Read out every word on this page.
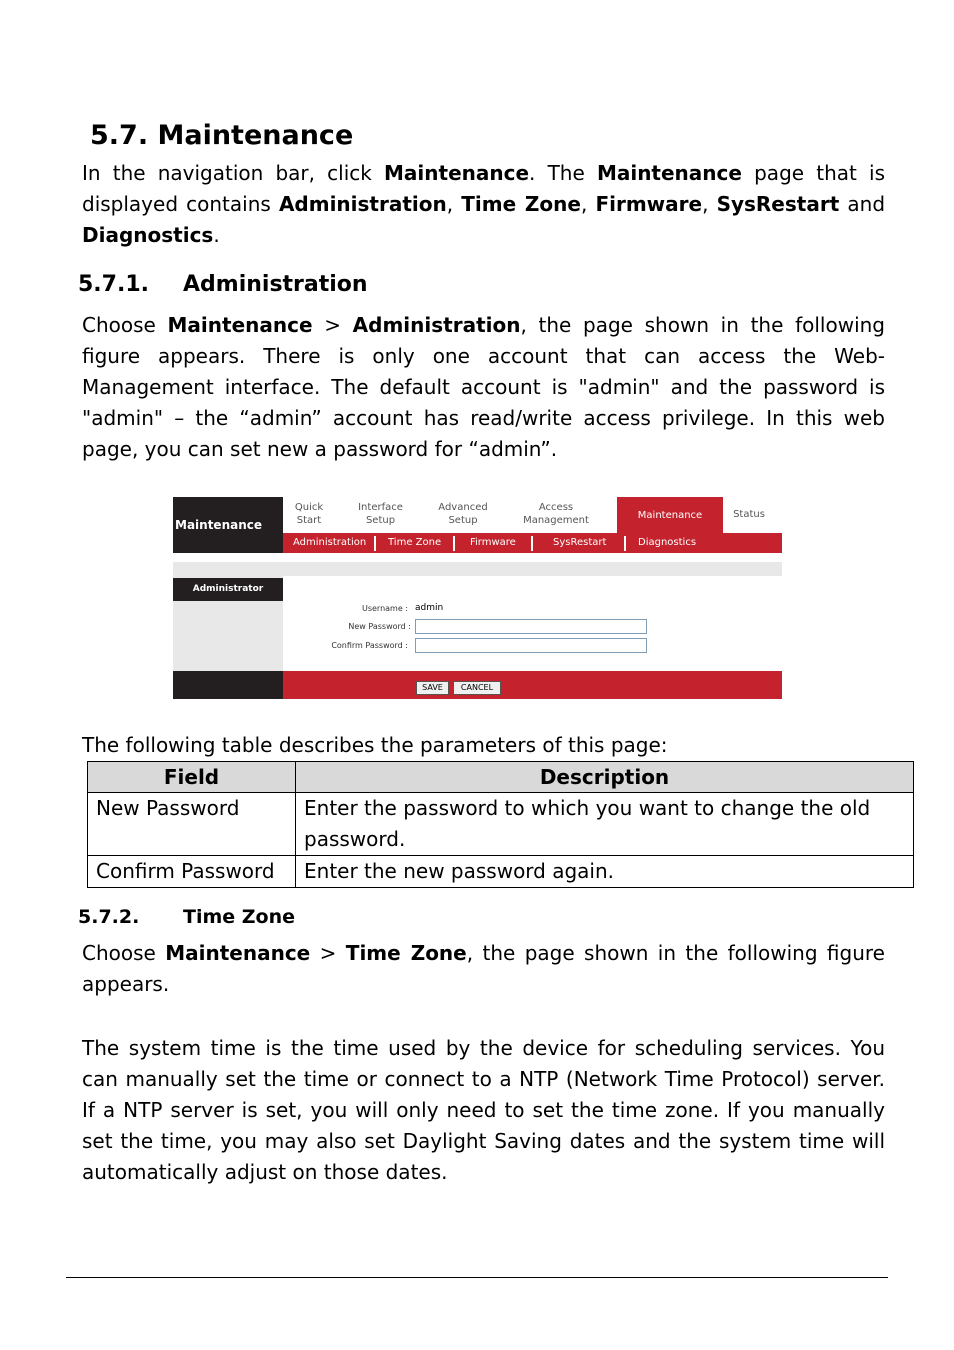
5.7. Maintenance

In the navigation bar, click Maintenance. The Maintenance page that is displayed contains Administration, Time Zone, Firmware, SysRestart and Diagnostics.

5.7.1. Administration

Choose Maintenance > Administration, the page shown in the following figure appears. There is only one account that can access the Web-Management interface. The default account is "admin" and the password is "admin" – the “admin” account has read/write access privilege. In this web page, you can set new a password for “admin”.

Maintenance
Quick
Start
Interface
Setup
Advanced
Setup
Access
Management	Maintenance	Status
Administration Time Zone	Firmware	SysRestart	Diagnostics
Administrator
Username : admin
New Password :
Confirm Password :
SAVE	CANCEL
The following table describes the parameters of this page:
Field	Description
New Password	Enter the password to which you want to change the old password.
Confirm Password	Enter the new password again.
5.7.2. Time Zone

Choose Maintenance > Time Zone, the page shown in the following figure appears.

The system time is the time used by the device for scheduling services. You can manually set the time or connect to a NTP (Network Time Protocol) server. If a NTP server is set, you will only need to set the time zone. If you manually set the time, you may also set Daylight Saving dates and the system time will automatically adjust on those dates.
